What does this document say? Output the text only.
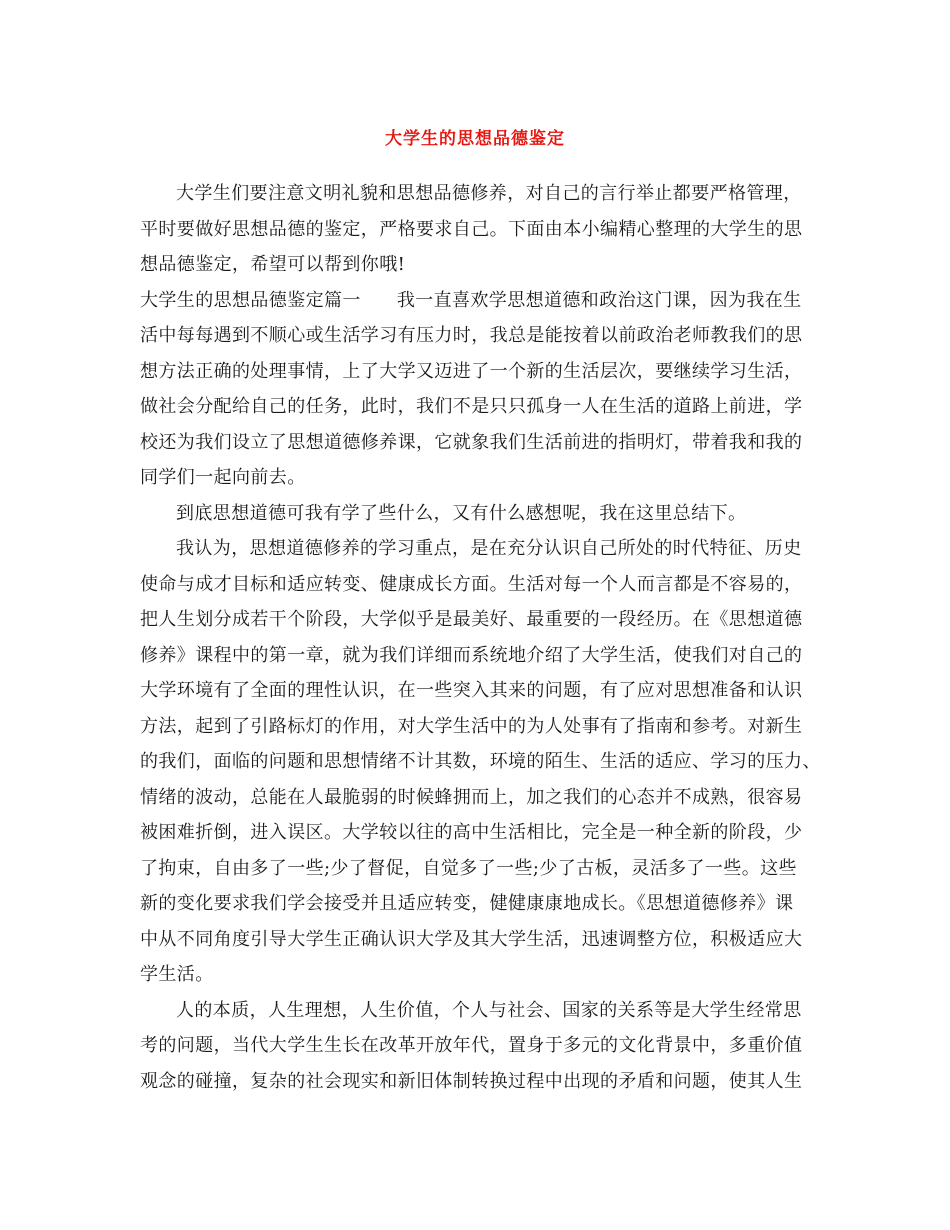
大学生的思想品德鉴定
大学生们要注意文明礼貌和思想品德修养，对自己的言行举止都要严格管理，
平时要做好思想品德的鉴定，严格要求自己。下面由本小编精心整理的大学生的思
想品德鉴定，希望可以帮到你哦!
大学生的思想品德鉴定篇一 我一直喜欢学思想道德和政治这门课，因为我在生
活中每每遇到不顺心或生活学习有压力时，我总是能按着以前政治老师教我们的思
想方法正确的处理事情，上了大学又迈进了一个新的生活层次，要继续学习生活，
做社会分配给自己的任务，此时，我们不是只只孤身一人在生活的道路上前进，学
校还为我们设立了思想道德修养课，它就象我们生活前进的指明灯，带着我和我的
同学们一起向前去。
到底思想道德可我有学了些什么，又有什么感想呢，我在这里总结下。
我认为，思想道德修养的学习重点，是在充分认识自己所处的时代特征、历史
使命与成才目标和适应转变、健康成长方面。生活对每一个人而言都是不容易的，
把人生划分成若干个阶段，大学似乎是最美好、最重要的一段经历。在《思想道德
修养》课程中的第一章，就为我们详细而系统地介绍了大学生活，使我们对自己的
大学环境有了全面的理性认识，在一些突入其来的问题，有了应对思想准备和认识
方法，起到了引路标灯的作用，对大学生活中的为人处事有了指南和参考。对新生
的我们，面临的问题和思想情绪不计其数，环境的陌生、生活的适应、学习的压力、
情绪的波动，总能在人最脆弱的时候蜂拥而上，加之我们的心态并不成熟，很容易
被困难折倒，进入误区。大学较以往的高中生活相比，完全是一种全新的阶段，少
了拘束，自由多了一些;少了督促，自觉多了一些;少了古板，灵活多了一些。这些
新的变化要求我们学会接受并且适应转变，健健康康地成长。《思想道德修养》课
中从不同角度引导大学生正确认识大学及其大学生活，迅速调整方位，积极适应大
学生活。
人的本质，人生理想，人生价值，个人与社会、国家的关系等是大学生经常思
考的问题，当代大学生生长在改革开放年代，置身于多元的文化背景中，多重价值
观念的碰撞，复杂的社会现实和新旧体制转换过程中出现的矛盾和问题，使其人生
